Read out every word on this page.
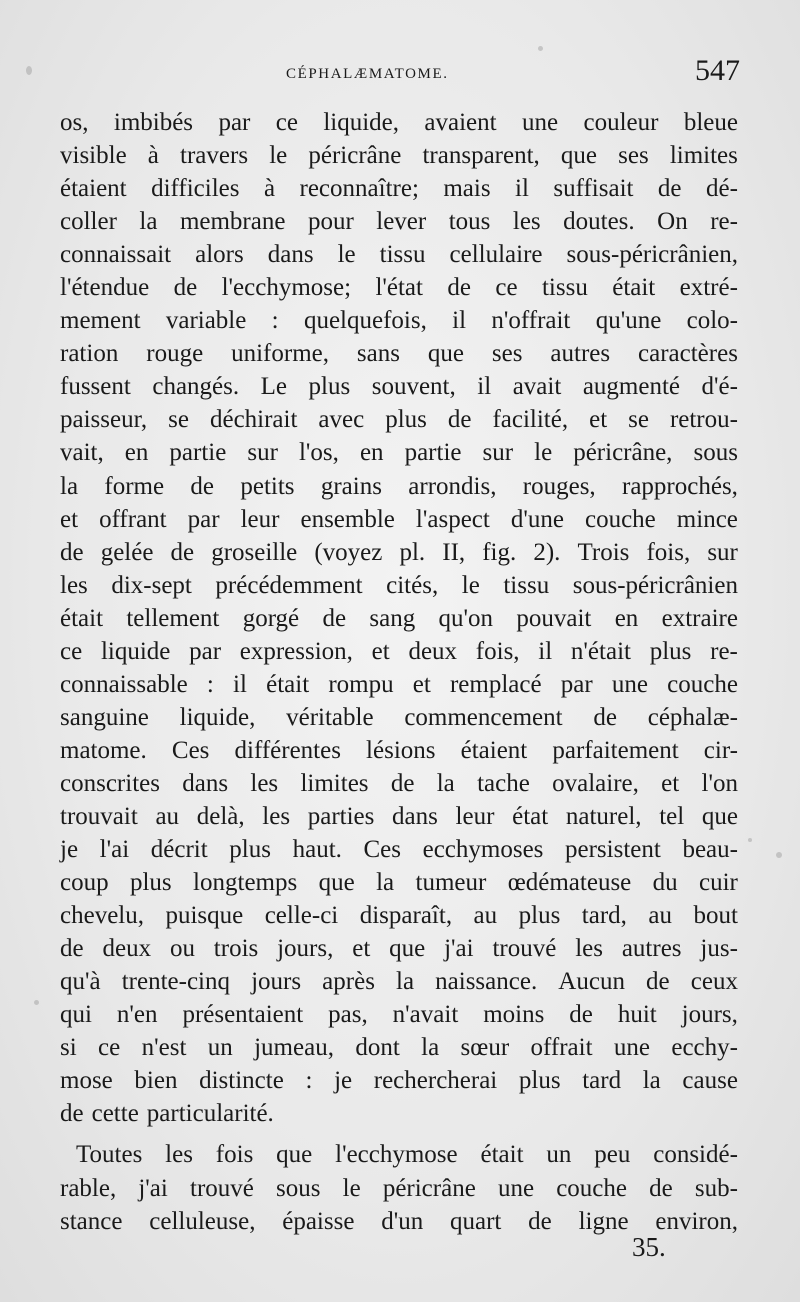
CÉPHALÆMATOME.	547
os, imbibés par ce liquide, avaient une couleur bleue
visible à travers le péricrâne transparent, que ses limites
étaient difficiles à reconnaître; mais il suffisait de dé-
coller la membrane pour lever tous les doutes. On re-
connaissait alors dans le tissu cellulaire sous-péricrânien,
l'étendue de l'ecchymose; l'état de ce tissu était extré-
mement variable : quelquefois, il n'offrait qu'une colo-
ration rouge uniforme, sans que ses autres caractères
fussent changés. Le plus souvent, il avait augmenté d'é-
paisseur, se déchirait avec plus de facilité, et se retrou-
vait, en partie sur l'os, en partie sur le péricrâne, sous
la forme de petits grains arrondis, rouges, rapprochés,
et offrant par leur ensemble l'aspect d'une couche mince
de gelée de groseille (voyez pl. II, fig. 2). Trois fois, sur
les dix-sept précédemment cités, le tissu sous-péricrânien
était tellement gorgé de sang qu'on pouvait en extraire
ce liquide par expression, et deux fois, il n'était plus re-
connaissable : il était rompu et remplacé par une couche
sanguine liquide, véritable commencement de céphalæ-
matome. Ces différentes lésions étaient parfaitement cir-
conscrites dans les limites de la tache ovalaire, et l'on
trouvait au delà, les parties dans leur état naturel, tel que
je l'ai décrit plus haut. Ces ecchymoses persistent beau-
coup plus longtemps que la tumeur œdémateuse du cuir
chevelu, puisque celle-ci disparaît, au plus tard, au bout
de deux ou trois jours, et que j'ai trouvé les autres jus-
qu'à trente-cinq jours après la naissance. Aucun de ceux
qui n'en présentaient pas, n'avait moins de huit jours,
si ce n'est un jumeau, dont la sœur offrait une ecchy-
mose bien distincte : je rechercherai plus tard la cause
de cette particularité.
Toutes les fois que l'ecchymose était un peu considé-
rable, j'ai trouvé sous le péricrâne une couche de sub-
stance celluleuse, épaisse d'un quart de ligne environ,
35.
